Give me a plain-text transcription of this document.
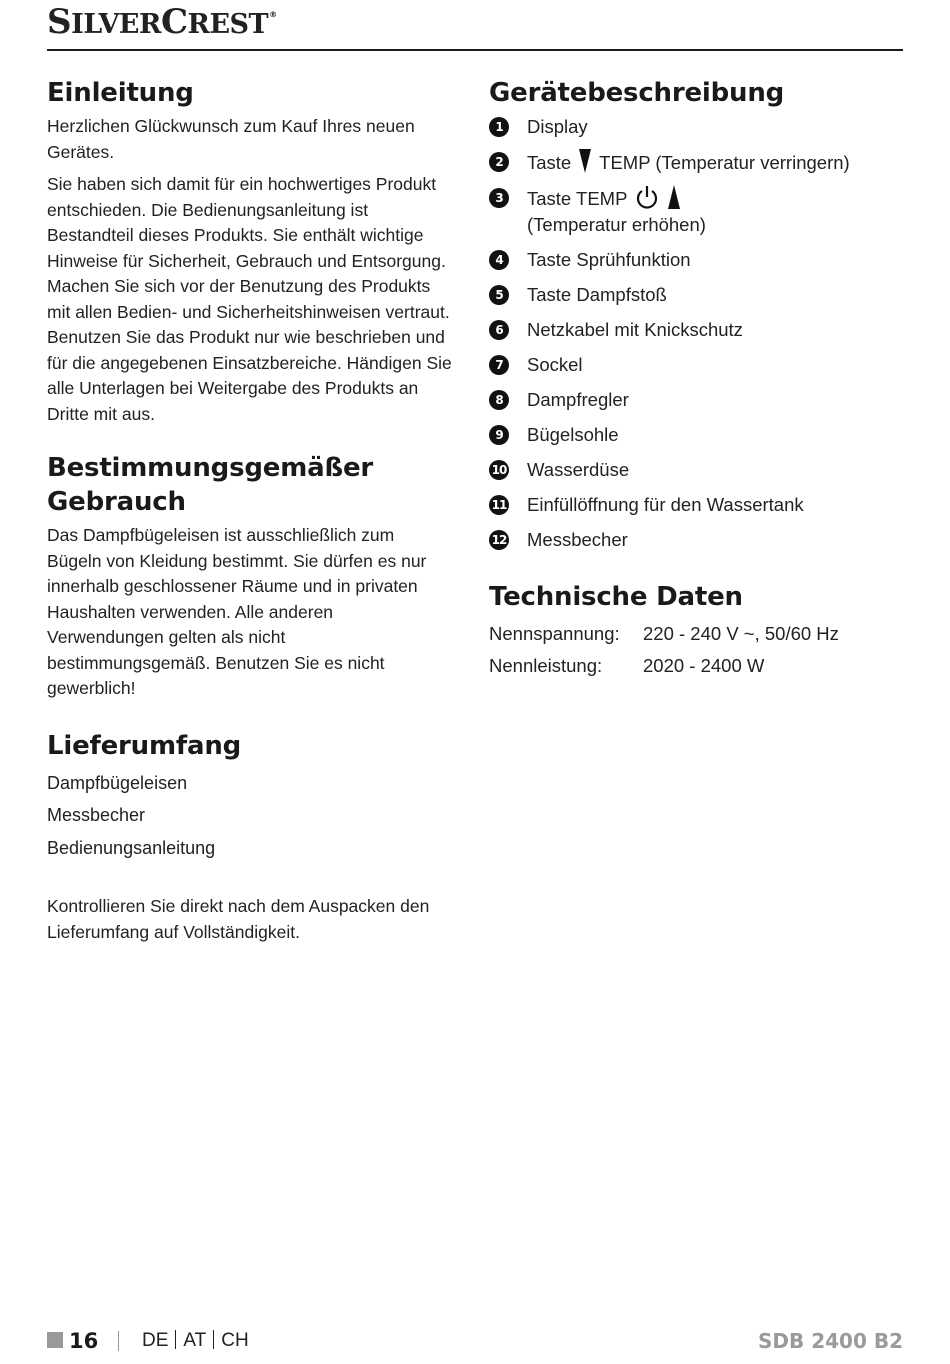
SILVERCREST®
Einleitung

Herzlichen Glückwunsch zum Kauf Ihres neuen Gerätes.

Sie haben sich damit für ein hochwertiges Produkt entschieden. Die Bedienungsanleitung ist Bestandteil dieses Produkts. Sie enthält wichtige Hinweise für Sicherheit, Gebrauch und Entsorgung. Machen Sie sich vor der Benutzung des Produkts mit allen Bedien- und Sicherheitshinweisen vertraut. Benutzen Sie das Produkt nur wie beschrieben und für die angegebenen Einsatzbereiche. Händigen Sie alle Unterlagen bei Weitergabe des Produkts an Dritte mit aus.

Bestimmungsgemäßer Gebrauch

Das Dampfbügeleisen ist ausschließlich zum Bügeln von Kleidung bestimmt. Sie dürfen es nur innerhalb geschlossener Räume und in privaten Haushalten verwenden. Alle anderen Verwendungen gelten als nicht bestimmungsgemäß. Benutzen Sie es nicht gewerblich!

Lieferumfang
Dampfbügeleisen
Messbecher
Bedienungsanleitung

Kontrollieren Sie direkt nach dem Auspacken den Lieferumfang auf Vollständigkeit.

Gerätebeschreibung
1	Display
2	Taste TEMP (Temperatur verringern)
3	Taste TEMP
(Temperatur erhöhen)
4	Taste Sprühfunktion
5	Taste Dampfstoß
6	Netzkabel mit Knickschutz
7	Sockel
8	Dampfregler
9	Bügelsohle
10 Wasserdüse
11 Einfüllöffnung für den Wassertank
12 Messbecher
Technische Daten
Nennspannung:	220 - 240 V ~, 50/60 Hz
Nennleistung:	2020 - 2400 W
16 DE AT CH	SDB 2400 B2
